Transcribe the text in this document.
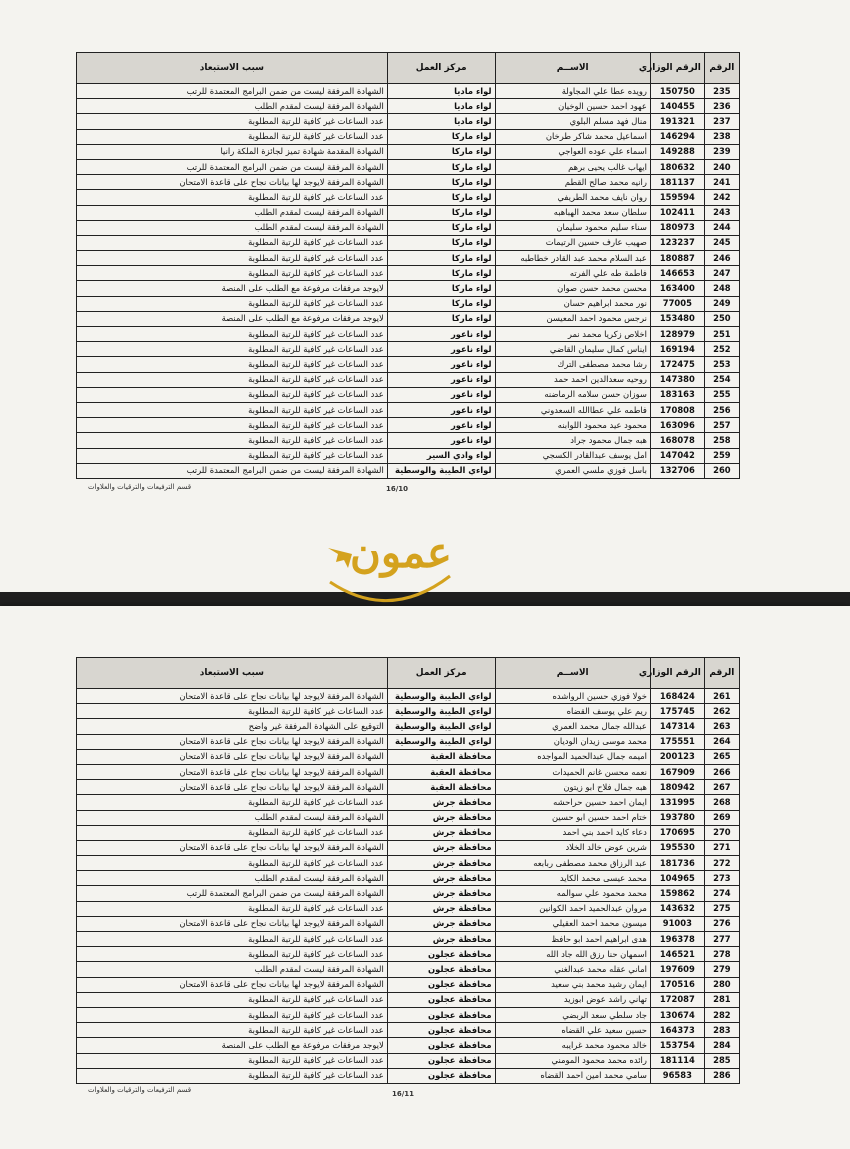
الرقم	الرقم الوزاري	الاســم	مركز العمل	سبب الاستبعاد
235	150750	رويده عطا علي المجاولة	لواء ماديا	الشهادة المرفقة ليست من ضمن البرامج المعتمدة للرتب
236	140455	عهود احمد حسين الوخيان	لواء ماديا	الشهادة المرفقة ليست لمقدم الطلب
237	191321	منال فهد مسلم البلوي	لواء ماديا	عدد الساعات غير كافية للرتبة المطلوبة
238	146294	اسماعيل محمد شاكر طرخان	لواء ماركا	عدد الساعات غير كافية للرتبة المطلوبة
239	149288	اسماء علي عوده العواجي	لواء ماركا	الشهادة المقدمة شهادة تميز لجائزة الملكة رانيا
240	180632	ايهاب غالب يحيى برهم	لواء ماركا	الشهادة المرفقة ليست من ضمن البرامج المعتمدة للرتب
241	181137	رانيه محمد صالح القطم	لواء ماركا	الشهادة المرفقة لايوجد لها بيانات نجاح على قاعدة الامتحان
242	159594	روان نايف محمد الطريفي	لواء ماركا	عدد الساعات غير كافية للرتبة المطلوبة
243	102411	سلطان سعد محمد الهباهبه	لواء ماركا	الشهادة المرفقة ليست لمقدم الطلب
244	180973	سناء سليم محمود سليمان	لواء ماركا	الشهادة المرفقة ليست لمقدم الطلب
245	123237	صهيب عارف حسين الرتيمات	لواء ماركا	عدد الساعات غير كافية للرتبة المطلوبة
246	180887	عبد السلام محمد عبد القادر خطاطبه	لواء ماركا	عدد الساعات غير كافية للرتبة المطلوبة
247	146653	فاطمة طه علي الفرته	لواء ماركا	عدد الساعات غير كافية للرتبة المطلوبة
248	163400	محسن محمد حسن صوان	لواء ماركا	لايوجد مرفقات مرفوعة مع الطلب على المنصة
249	77005	نور محمد ابراهيم حسان	لواء ماركا	عدد الساعات غير كافية للرتبة المطلوبة
250	153480	نرجس محمود احمد المعيسن	لواء ماركا	لايوجد مرفقات مرفوعة مع الطلب على المنصة
251	128979	اخلاص زكريا محمد نمر	لواء ناعور	عدد الساعات غير كافية للرتبة المطلوبة
252	169194	ايناس كمال سليمان القاضي	لواء ناعور	عدد الساعات غير كافية للرتبة المطلوبة
253	172475	رشا محمد مصطفى الترك	لواء ناعور	عدد الساعات غير كافية للرتبة المطلوبة
254	147380	روحيه سعدالدين احمد حمد	لواء ناعور	عدد الساعات غير كافية للرتبة المطلوبة
255	183163	سوزان حسن سلامه الرماضنه	لواء ناعور	عدد الساعات غير كافية للرتبة المطلوبة
256	170808	فاطمه علي عطاالله السعدوني	لواء ناعور	عدد الساعات غير كافية للرتبة المطلوبة
257	163096	محمود عيد محمود اللوابنه	لواء ناعور	عدد الساعات غير كافية للرتبة المطلوبة
258	168078	هبه جمال محمود جراد	لواء ناعور	عدد الساعات غير كافية للرتبة المطلوبة
259	147042	امل يوسف عبدالقادر الكسجي	لواء وادي السير	عدد الساعات غير كافية للرتبة المطلوبة
260	132706	باسل فوزي ملسي العمري	لواءي الطيبة والوسطية	الشهادة المرفقة ليست من ضمن البرامج المعتمدة للرتب
قسم الترفيعات والترقيات والعلاوات	16/10
عمون
الرقم	الرقم الوزاري	الاســم	مركز العمل	سبب الاستبعاد
261	168424	خولا فوزي حسين الرواشده	لواءي الطيبة والوسطية	الشهادة المرفقة لايوجد لها بيانات نجاح على قاعدة الامتحان
262	175745	ريم علي يوسف القضاه	لواءي الطيبة والوسطية	عدد الساعات غير كافية للرتبة المطلوبة
263	147314	عبدالله جمال محمد العمري	لواءي الطيبة والوسطية	التوقيع على الشهادة المرفقة غير واضح
264	175551	محمد موسى زيدان الوديان	لواءي الطيبة والوسطية	الشهادة المرفقة لايوجد لها بيانات نجاح على قاعدة الامتحان
265	200123	اميمه جمال عبدالحميد المواجده	محافظة العقبة	الشهادة المرفقة لايوجد لها بيانات نجاح على قاعدة الامتحان
266	167909	نعمه محسن غانم الحميدات	محافظة العقبة	الشهادة المرفقة لايوجد لها بيانات نجاح على قاعدة الامتحان
267	180942	هبه جمال فلاح ابو زيتون	محافظة العقبة	الشهادة المرفقة لايوجد لها بيانات نجاح على قاعدة الامتحان
268	131995	ايمان احمد حسين حراحشه	محافظة جرش	عدد الساعات غير كافية للرتبة المطلوبة
269	193780	ختام احمد حسين ابو حسين	محافظة جرش	الشهادة المرفقة ليست لمقدم الطلب
270	170695	دعاء كايد احمد بني احمد	محافظة جرش	عدد الساعات غير كافية للرتبة المطلوبة
271	195530	شرين عوض خالد الخلاد	محافظة جرش	الشهادة المرفقة لايوجد لها بيانات نجاح على قاعدة الامتحان
272	181736	عبد الرزاق محمد مصطفى ربابعه	محافظة جرش	عدد الساعات غير كافية للرتبة المطلوبة
273	104965	محمد عيسى محمد الكايد	محافظة جرش	الشهادة المرفقة ليست لمقدم الطلب
274	159862	محمد محمود علي سوالمه	محافظة جرش	الشهادة المرفقة ليست من ضمن البرامج المعتمدة للرتب
275	143632	مروان عبدالحميد احمد الكوانين	محافظة جرش	عدد الساعات غير كافية للرتبة المطلوبة
276	91003	ميسون محمد احمد العقيلي	محافظة جرش	الشهادة المرفقة لايوجد لها بيانات نجاح على قاعدة الامتحان
277	196378	هدى ابراهيم احمد ابو حافظ	محافظة جرش	عدد الساعات غير كافية للرتبة المطلوبة
278	146521	اسمهان حنا رزق الله جاد الله	محافظة عجلون	عدد الساعات غير كافية للرتبة المطلوبة
279	197609	اماني عقله محمد عبدالغني	محافظة عجلون	الشهادة المرفقة ليست لمقدم الطلب
280	170516	ايمان رشيد محمد بني سعيد	محافظة عجلون	الشهادة المرفقة لايوجد لها بيانات نجاح على قاعدة الامتحان
281	172087	تهاني راشد عوض ابوزيد	محافظة عجلون	عدد الساعات غير كافية للرتبة المطلوبة
282	130674	جاد سلطي سعد الربضي	محافظة عجلون	عدد الساعات غير كافية للرتبة المطلوبة
283	164373	حسين سعيد علي القضاه	محافظة عجلون	عدد الساعات غير كافية للرتبة المطلوبة
284	153754	خالد محمود محمد غرايبه	محافظة عجلون	لايوجد مرفقات مرفوعة مع الطلب على المنصة
285	181114	رائده محمد محمود المومني	محافظة عجلون	عدد الساعات غير كافية للرتبة المطلوبة
286	96583	سامي محمد امين احمد القضاه	محافظة عجلون	عدد الساعات غير كافية للرتبة المطلوبة
قسم الترفيعات والترقيات والعلاوات	16/11
